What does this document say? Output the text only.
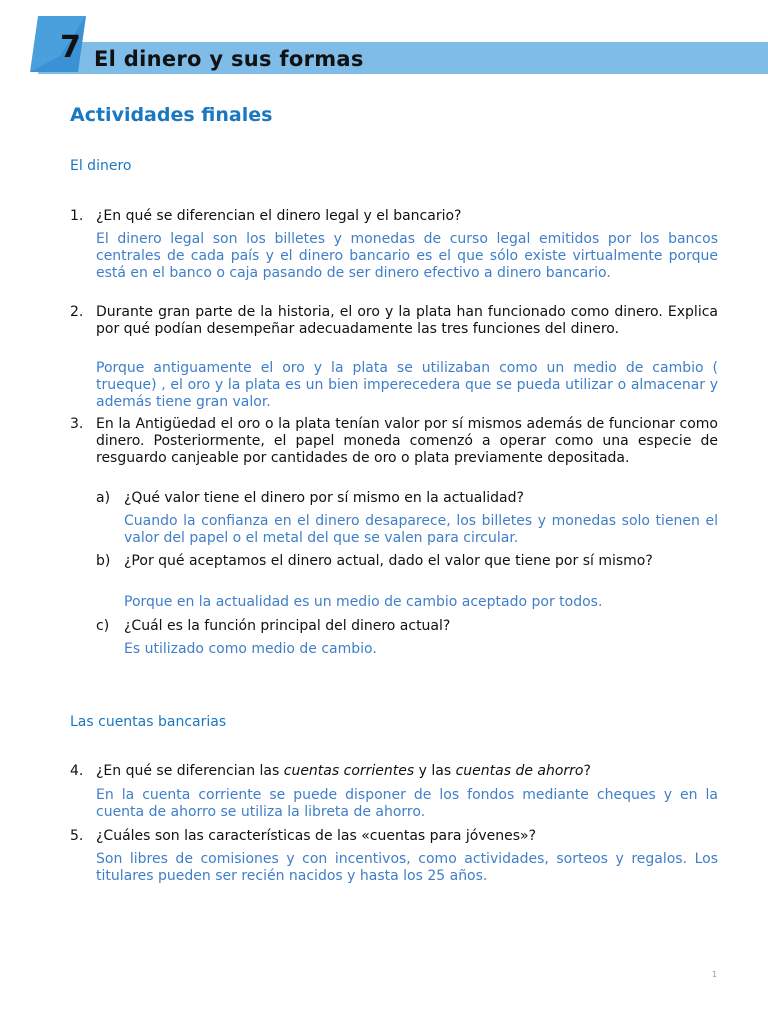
7 El dinero y sus formas
Actividades finales
El dinero
1. ¿En qué se diferencian el dinero legal y el bancario?
El dinero legal son los billetes y monedas de curso legal emitidos por los bancos centrales de cada país y el dinero bancario es el que sólo existe virtualmente porque está en el banco o caja pasando de ser dinero efectivo a dinero bancario.
2. Durante gran parte de la historia, el oro y la plata han funcionado como dinero. Explica por qué podían desempeñar adecuadamente las tres funciones del dinero.
Porque antiguamente el oro y la plata se utilizaban como un medio de cambio ( trueque) , el oro y la plata es un bien imperecedera que se pueda utilizar o almacenar y además tiene gran valor.
3. En la Antigüedad el oro o la plata tenían valor por sí mismos además de funcionar como dinero. Posteriormente, el papel moneda comenzó a operar como una especie de resguardo canjeable por cantidades de oro o plata previamente depositada.
a) ¿Qué valor tiene el dinero por sí mismo en la actualidad?
Cuando la confianza en el dinero desaparece, los billetes y monedas solo tienen el valor del papel o el metal del que se valen para circular.
b) ¿Por qué aceptamos el dinero actual, dado el valor que tiene por sí mismo?
Porque en la actualidad es un medio de cambio aceptado por todos.
c) ¿Cuál es la función principal del dinero actual?
Es utilizado como medio de cambio.
Las cuentas bancarias
4. ¿En qué se diferencian las cuentas corrientes y las cuentas de ahorro?
En la cuenta corriente se puede disponer de los fondos mediante cheques y en la cuenta de ahorro se utiliza la libreta de ahorro.
5. ¿Cuáles son las características de las «cuentas para jóvenes»?
Son libres de comisiones y con incentivos, como actividades, sorteos y regalos. Los titulares pueden ser recién nacidos y hasta los 25 años.
1
